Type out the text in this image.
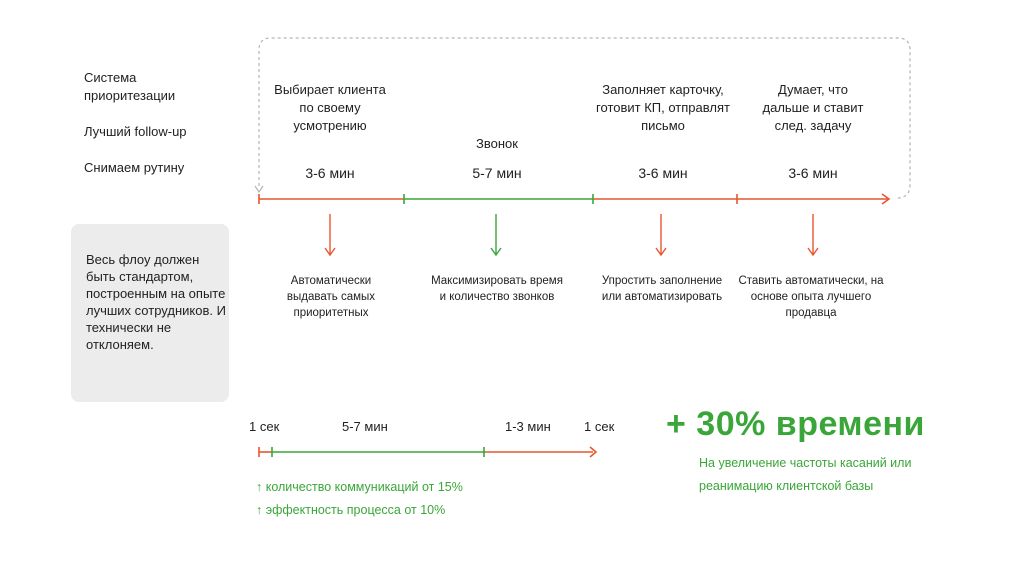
Система приоритезации
Лучший follow-up
Снимаем рутину
Выбирает клиента по своему усмотрению
Звонок
Заполняет карточку, готовит КП, отправлят письмо
Думает, что дальше и ставит след. задачу
3-6 мин	5-7 мин	3-6 мин	3-6 мин
Автоматически выдавать самых приоритетных
Максимизировать время и количество звонков
Упростить заполнение или автоматизировать
Ставить автоматически, на основе опыта лучшего продавца
Весь флоу должен быть стандартом, построенным на опыте лучших сотрудников. И технически не отклоняем.
1 сек	5-7 мин	1-3 мин	1 сек
↑ количество коммуникаций от 15%
↑ эффектность процесса от 10%
+ 30% времени
На увеличение частоты касаний или реанимацию клиентской базы
